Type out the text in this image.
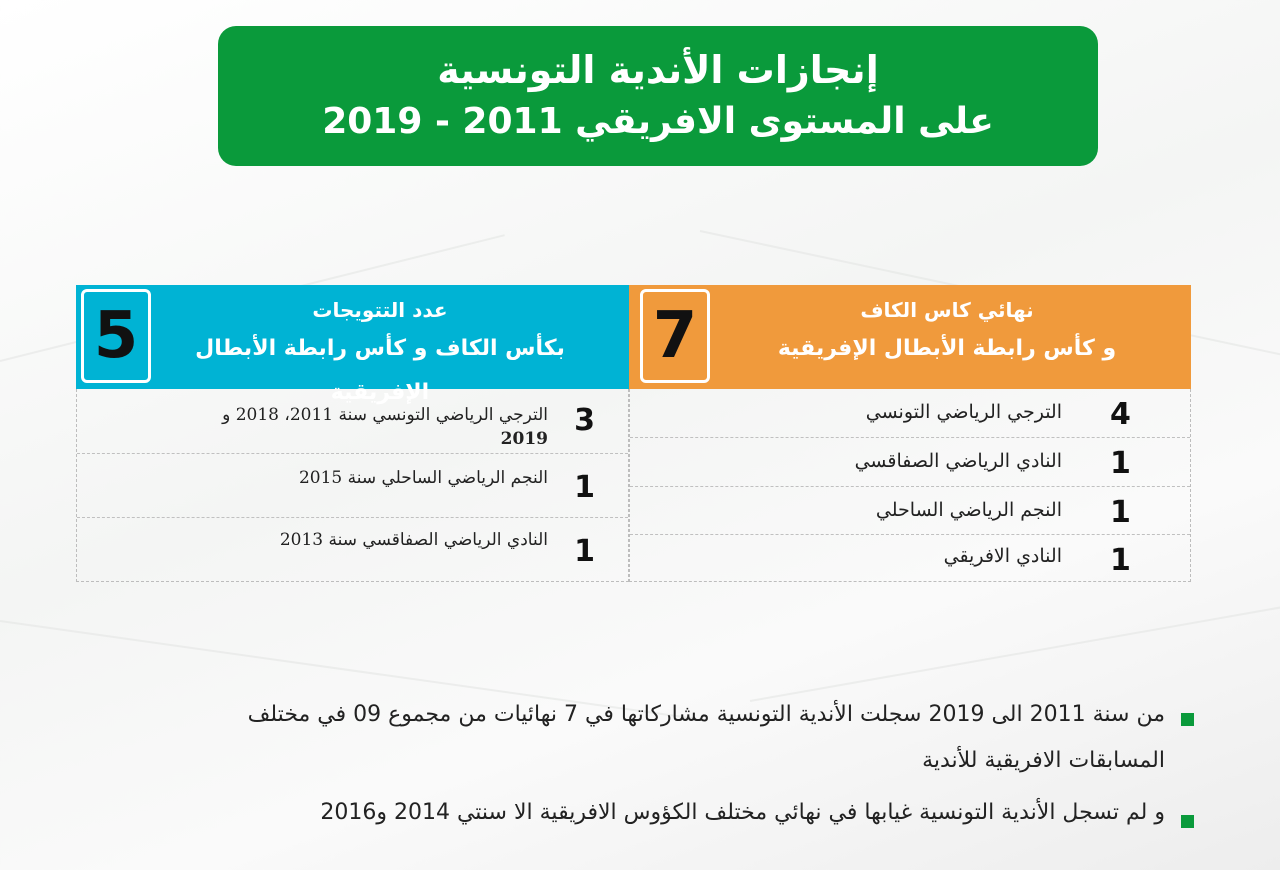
إنجازات الأندية التونسية
على المستوى الافريقي 2011 - 2019
5	عدد التتويجات
بكأس الكاف و كأس رابطة الأبطال الإفريقية
3
الترجي الرياضي التونسي سنة 2011، 2018 و
2019
1
النجم الرياضي الساحلي سنة 2015
1
النادي الرياضي الصفاقسي سنة 2013
7	نهائي كاس الكاف
و كأس رابطة الأبطال الإفريقية
4
الترجي الرياضي التونسي
1
النادي الرياضي الصفاقسي
1
النجم الرياضي الساحلي
1
النادي الافريقي
من سنة 2011 الى 2019 سجلت الأندية التونسية مشاركاتها في 7 نهائيات من مجموع 09 في مختلف
المسابقات الافريقية للأندية
و لم تسجل الأندية التونسية غيابها في نهائي مختلف الكؤوس الافريقية الا سنتي 2014 و2016
